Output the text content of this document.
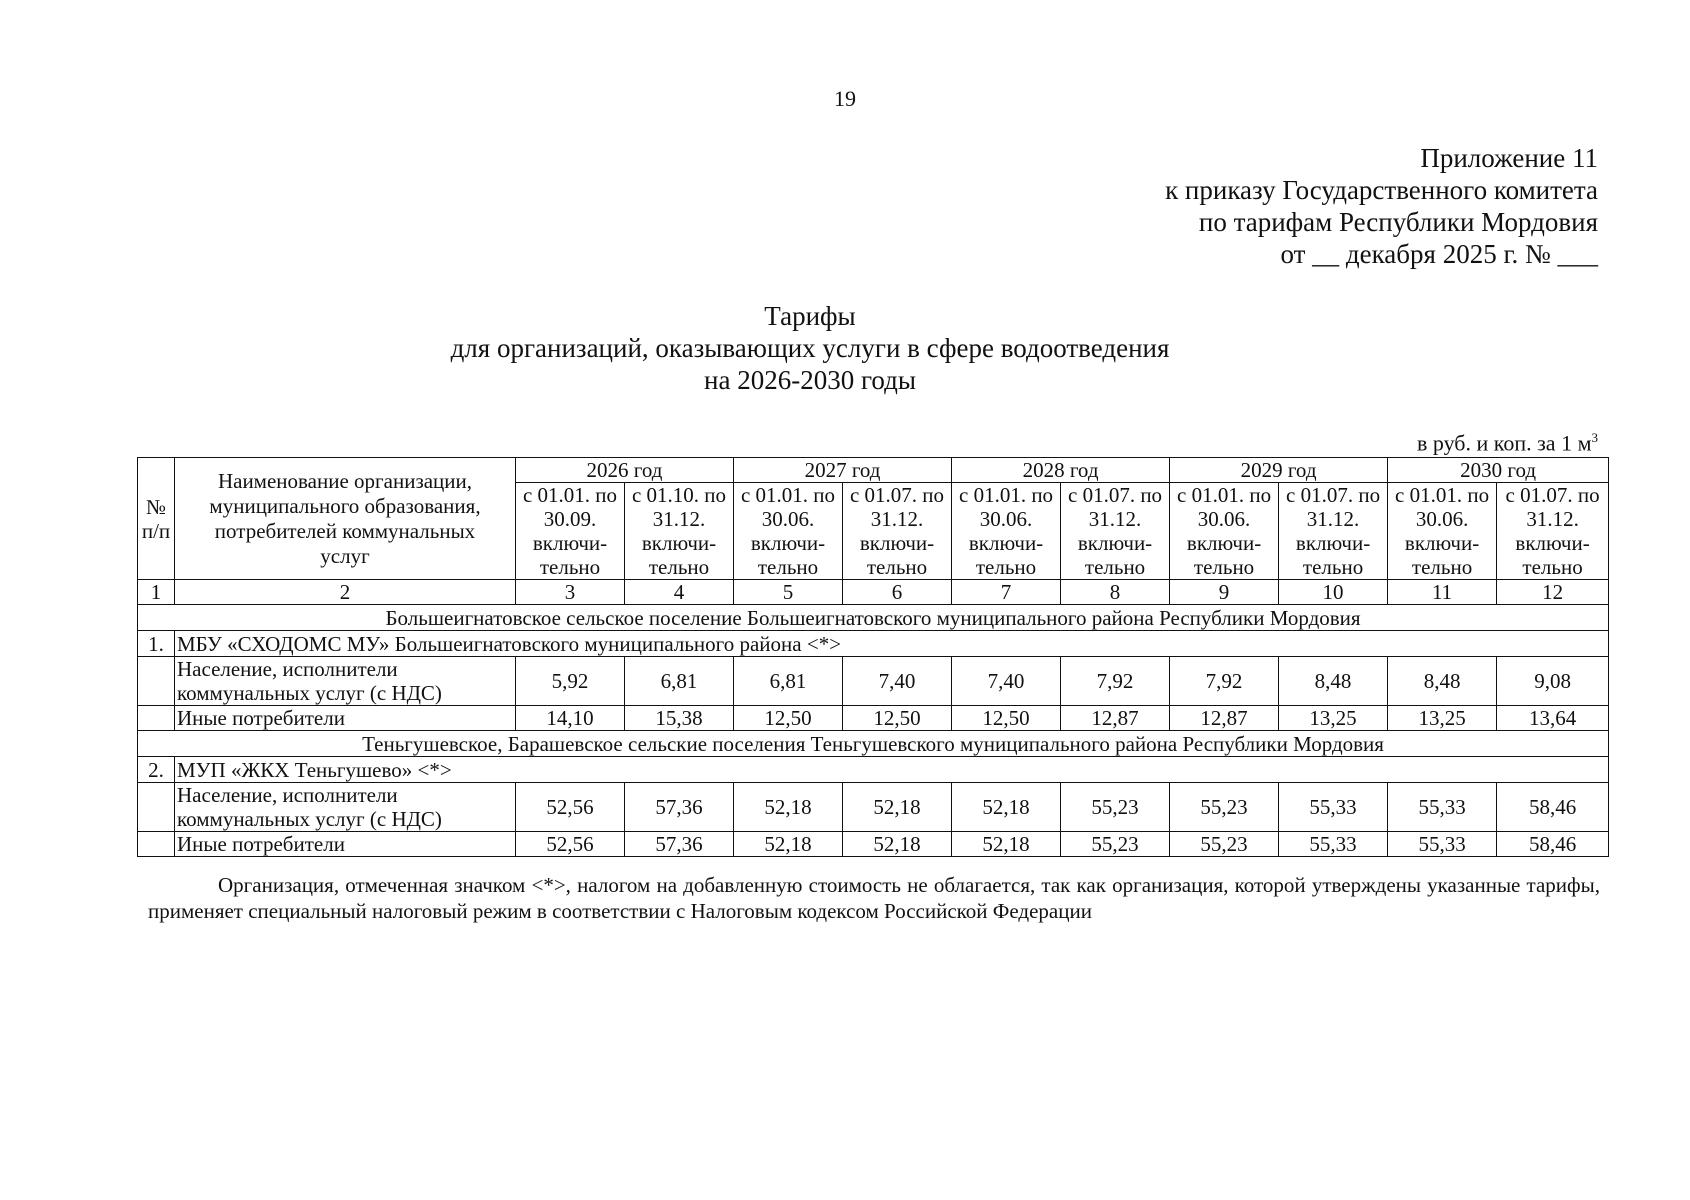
19
Приложение 11
к приказу Государственного комитета
по тарифам Республики Мордовия
от __ декабря 2025 г. № ___
Тарифы
для организаций, оказывающих услуги в сфере водоотведения
на 2026-2030 годы
в руб. и коп. за 1 $м^3$
№ п/п	Наименование организации, муниципального образования, потребителей коммунальных услуг	2026 год		2027 год		2028 год		2029 год		2030 год	
		с 01.01. по 30.09. включи-тельно	с 01.10. по 31.12. включи-тельно	с 01.01. по 30.06. включи-тельно	с 01.07. по 31.12. включи-тельно	с 01.01. по 30.06. включи-тельно	с 01.07. по 31.12. включи-тельно	с 01.01. по 30.06. включи-тельно	с 01.07. по 31.12. включи-тельно	с 01.01. по 30.06. включи-тельно	с 01.07. по 31.12. включи-тельно
1	2	3	4	5	6	7	8	9	10	11	12
Большеигнатовское сельское поселение Большеигнатовского муниципального района Республики Мордовия											
1.	МБУ «СХОДОМС МУ» Большеигнатовского муниципального района <*>										
	Население, исполнители коммунальных услуг (с НДС)	5,92	6,81	6,81	7,40	7,40	7,92	7,92	8,48	8,48	9,08
	Иные потребители	14,10	15,38	12,50	12,50	12,50	12,87	12,87	13,25	13,25	13,64
Теньгушевское, Барашевское сельские поселения Теньгушевского муниципального района Республики Мордовия											
2.	МУП «ЖКХ Теньгушево» <*>										
	Население, исполнители коммунальных услуг (с НДС)	52,56	57,36	52,18	52,18	52,18	55,23	55,23	55,33	55,33	58,46
	Иные потребители	52,56	57,36	52,18	52,18	52,18	55,23	55,23	55,33	55,33	58,46
Организация, отмеченная значком <*>, налогом на добавленную стоимость не облагается, так как организация, которой утверждены указанные тарифы, применяет специальный налоговый режим в соответствии с Налоговым кодексом Российской Федерации
